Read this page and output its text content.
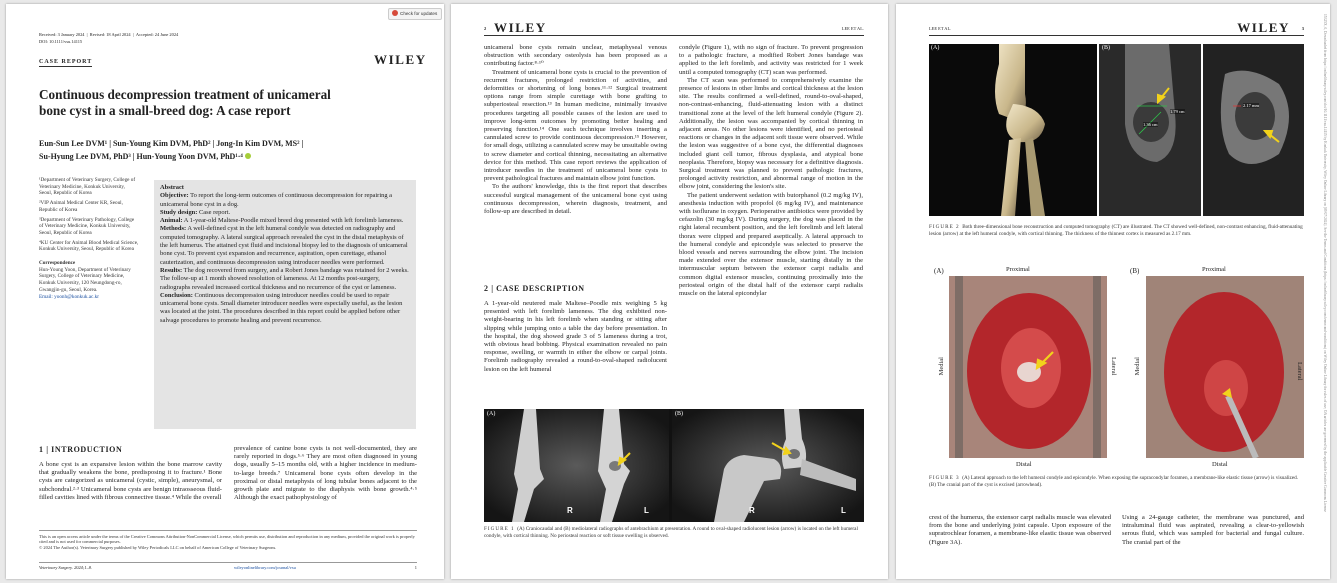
Received: 3 January 2024  |  Revised: 18 April 2024  |  Accepted: 24 June 2024
DOI: 10.1111/vsu.14115
Check for updates
WILEY
CASE REPORT
Continuous decompression treatment of unicameral bone cyst in a small-breed dog: A case report
Eun-Sun Lee DVM¹ | Sun-Young Kim DVM, PhD² | Jong-In Kim DVM, MS² |
Su-Hyung Lee DVM, PhD³ | Hun-Young Yoon DVM, PhD¹·⁴
¹Department of Veterinary Surgery, College of Veterinary Medicine, Konkuk University, Seoul, Republic of Korea
²VIP Animal Medical Center KR, Seoul, Republic of Korea
³Department of Veterinary Pathology, College of Veterinary Medicine, Konkuk University, Seoul, Republic of Korea
⁴KU Center for Animal Blood Medical Science, Konkuk University, Seoul, Republic of Korea
Correspondence
Hun-Young Yoon, Department of Veterinary Surgery, College of Veterinary Medicine, Konkuk University, 120 Neungdong-ro, Gwangjin-gu, Seoul, Korea.
Email: yoonh@konkuk.ac.kr
Abstract
Objective: To report the long-term outcomes of continuous decompression for repairing a unicameral bone cyst in a dog.
Study design: Case report.
Animal: A 1-year-old Maltese-Poodle mixed breed dog presented with left forelimb lameness.
Methods: A well-defined cyst in the left humeral condyle was detected on radiography and computed tomography. A lateral surgical approach revealed the cyst in the distal metaphysis of the left humerus. The attained cyst fluid and incisional biopsy led to the diagnosis of unicameral bone cyst. To prevent cyst expansion and recurrence, aspiration, open curettage, ethanol cauterization, and continuous decompression using introducer needles were performed.
Results: The dog recovered from surgery, and a Robert Jones bandage was retained for 2 weeks. The follow-up at 1 month showed resolution of lameness. At 12 months post-surgery, radiographs revealed increased cortical thickness and no recurrence of the cyst or lameness.
Conclusion: Continuous decompression using introducer needles could be used to repair unicameral bone cysts. Small diameter introducer needles were especially useful, as the lesion was located at the joint. The procedures described in this report could be applied before other salvage procedures to promote healing and prevent recurrence.
1 | INTRODUCTION

A bone cyst is an expansive lesion within the bone marrow cavity that gradually weakens the bone, predisposing it to fracture.¹ Bone cysts are categorized as unicameral (cystic, simple), aneurysmal, or subchondral.²·³ Unicameral bone cysts are benign intraosseous fluid-filled cavities lined with fibrous connective tissue.⁴ While the overall

prevalence of canine bone cysts is not well-documented, they are rarely reported in dogs.⁵·⁶ They are most often diagnosed in young dogs, usually 5–15 months old, with a higher incidence in medium-to-large breeds.⁷ Unicameral bone cysts often develop in the proximal or distal metaphysis of long tubular bones adjacent to the growth plate and migrate to the diaphysis with bone growth.⁴·⁵ Although the exact pathophysiology of

This is an open access article under the terms of the Creative Commons Attribution-NonCommercial License, which permits use, distribution and reproduction in any medium, provided the original work is properly cited and is not used for commercial purposes.
© 2024 The Author(s). Veterinary Surgery published by Wiley Periodicals LLC on behalf of American College of Veterinary Surgeons.
Veterinary Surgery. 2024;1–8.	wileyonlinelibrary.com/journal/vsu	1
2 WILEY	LEE ET AL.

unicameral bone cysts remain unclear, metaphyseal venous obstruction with secondary osteolysis has been proposed as a contributing factor.⁸·¹⁰

Treatment of unicameral bone cysts is crucial to the prevention of recurrent fractures, prolonged restriction of activities, and deformities or shortening of long bones.¹¹·¹² Surgical treatment options range from simple curettage with bone grafting to subperiosteal resection.¹³ In human medicine, minimally invasive procedures targeting all possible causes of the lesion are used to improve long-term outcomes by promoting better healing and preserving function.¹⁴ One such technique involves inserting a cannulated screw to provide continuous decompression.¹⁵ However, for small dogs, utilizing a cannulated screw may be unsuitable owing to screw diameter and cortical thinning, necessitating an alternative device for this method. This case report reviews the application of introducer needles in the treatment of unicameral bone cysts to prevent pathological fractures and maintain elbow joint function.

To the authors' knowledge, this is the first report that describes successful surgical management of the unicameral bone cyst using continuous decompression, wherein diagnosis, treatment, and follow-up are described in detail.

2 | CASE DESCRIPTION

A 1-year-old neutered male Maltese–Poodle mix weighing 5 kg presented with left forelimb lameness. The dog exhibited non-weight-bearing in his left forelimb when standing or sitting after slipping while jumping onto a table the day before presentation. In the hospital, the dog showed grade 3 of 5 lameness during a trot, with obvious head bobbing. Physical examination revealed no pain response, swelling, or warmth in either the elbow or carpal joints. Forelimb radiography revealed a round-to-oval-shaped radiolucent lesion on the left humeral

condyle (Figure 1), with no sign of fracture. To prevent progression to a pathologic fracture, a modified Robert Jones bandage was applied to the left forelimb, and activity was restricted for 1 week until a computed tomography (CT) scan was performed.

The CT scan was performed to comprehensively examine the presence of lesions in other limbs and cortical thickness at the lesion site. The results confirmed a well-defined, round-to-oval-shaped, non-contrast-enhancing, fluid-attenuating lesion with a distinct transitional zone at the level of the left humeral condyle (Figure 2). Additionally, the lesion was accompanied by cortical thinning in adjacent areas. No other lesions were identified, and no periosteal reactions or changes in the adjacent soft tissue were observed. While the lesion was suggestive of a bone cyst, the differential diagnoses included giant cell tumor, fibrous dysplasia, and atypical bone neoplasia. Therefore, biopsy was necessary for a definitive diagnosis. Surgical treatment was planned to prevent pathologic fractures, prolonged activity restriction, and abnormal range of motion in the elbow joint, considering the lesion's site.

The patient underwent sedation with butorphanol (0.2 mg/kg IV), anesthesia induction with propofol (6 mg/kg IV), and maintenance with isoflurane in oxygen. Perioperative antibiotics were provided by cefazolin (30 mg/kg IV). During surgery, the dog was placed in the right lateral recumbent position, and the left forelimb and left lateral thorax were clipped and prepared aseptically. A lateral approach to the humeral condyle and epicondyle was selected to preserve the blood vessels and nerves surrounding the elbow joint. The incision made extended over the extensor muscle, starting distally in the intermuscular septum between the extensor carpi radialis and common digital extensor muscles, continuing proximally into the periosteal origin of the distal half of the extensor carpi radialis muscle on the lateral epicondylar

(A)	(B)
R	L	R	L
FIGURE 1 (A) Craniocaudal and (B) mediolateral radiographs of antebrachium at presentation. A round to oval-shaped radiolucent lesion (arrow) is located on the left humeral condyle, with cortical thinning. No periosteal reaction or soft tissue swelling is observed.
LEE ET AL.	WILEY	3
(A)	(B)
1.79 cm
1.36 cm
2.17 mm
FIGURE 2 Both three-dimensional bone reconstruction and computed tomography (CT) are illustrated. The CT showed well-defined, non-contrast enhancing, fluid-attenuating lesion (arrow) at the left humeral condyle, with cortical thinning. The thickness of the thinnest cortex is measured as 2.17 mm.
(A)	(B)
Proximal	Proximal
Medial	Lateral	Medial	Lateral
Distal	Distal
FIGURE 3 (A) Lateral approach to the left humeral condyle and epicondyle. When exposing the supracondylar foramen, a membrane-like elastic tissue (arrow) is visualized. (B) The cranial part of the cyst is excised (arrowhead).

crest of the humerus, the extensor carpi radialis muscle was elevated from the bone and underlying joint capsule. Upon exposure of the supratrochlear foramen, a membrane-like elastic tissue was observed (Figure 3A).

Using a 24-gauge catheter, the membrane was punctured, and intraluminal fluid was aspirated, revealing a clear-to-yellowish serous fluid, which was sampled for bacterial and fungal culture. The cranial part of the

15325X, 0, Downloaded from https://onlinelibrary.wiley.com/doi/10.1111/vsu.14115 by Konkuk University, Wiley Online Library on [09/07/2024]. See the Terms and Conditions (https://onlinelibrary.wiley.com/terms-and-conditions) on Wiley Online Library for rules of use; OA articles are governed by the applicable Creative Commons License
